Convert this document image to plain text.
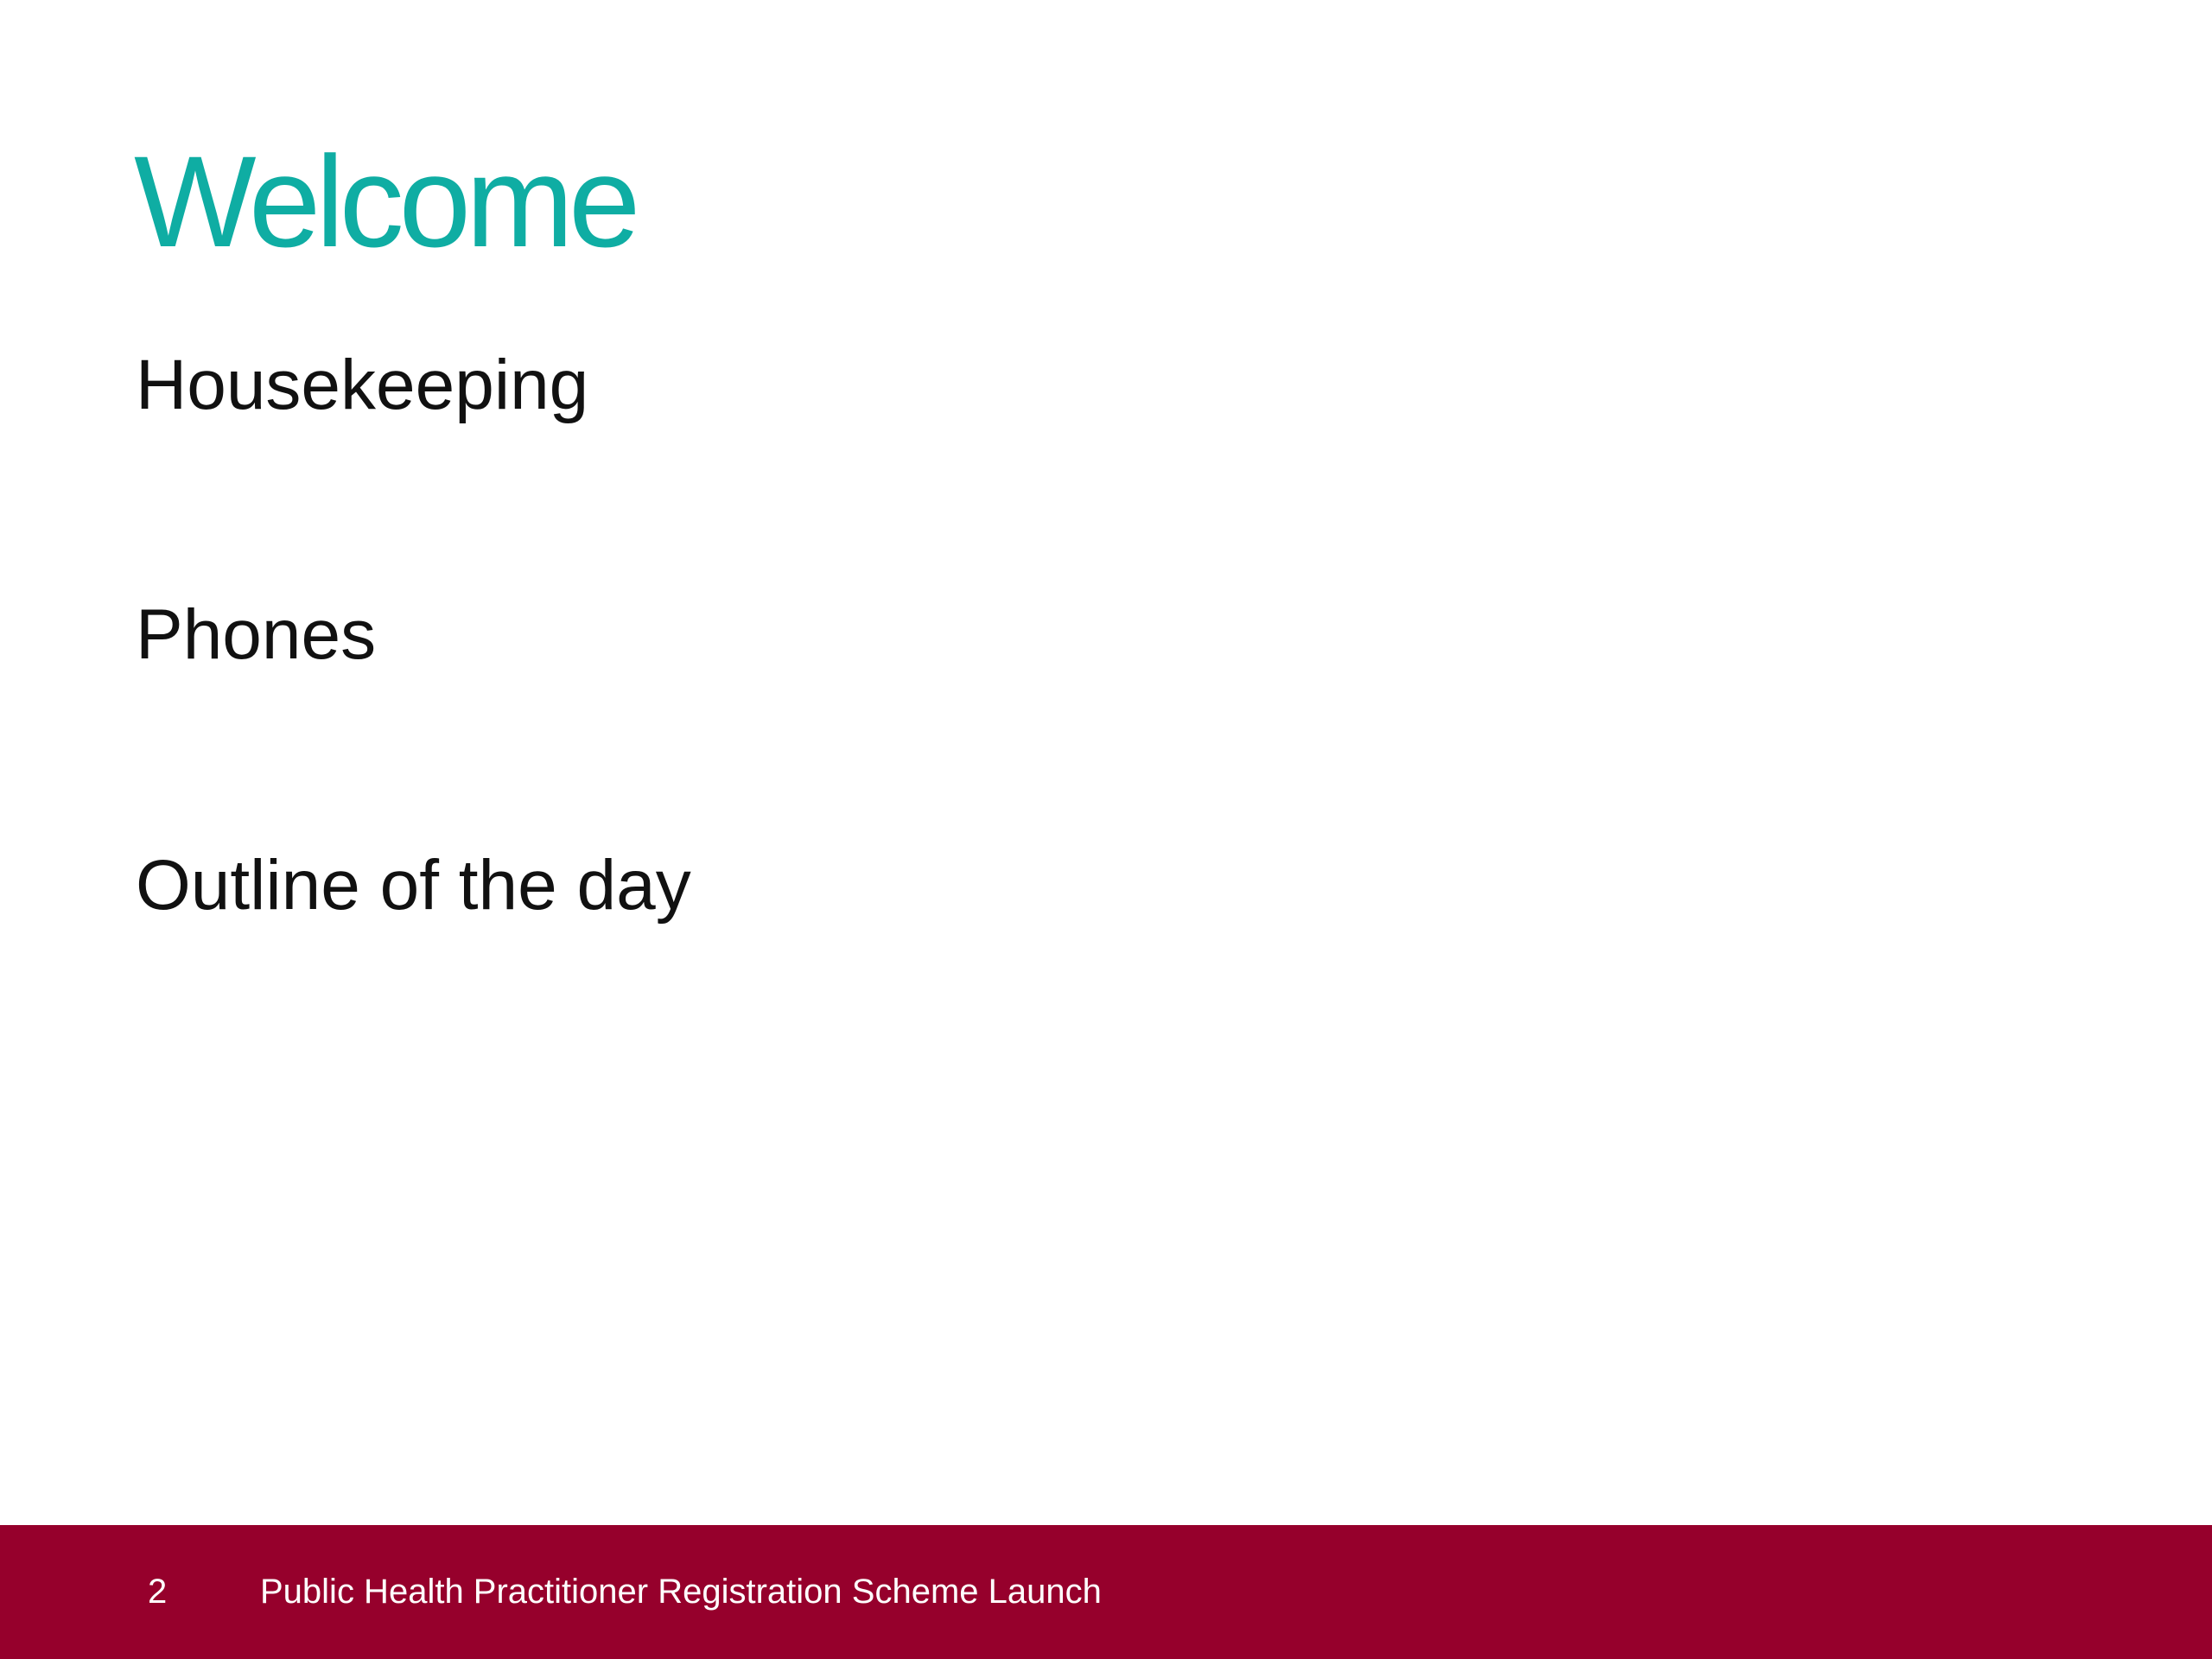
Welcome
Housekeeping
Phones
Outline of the day
2	Public Health Practitioner Registration Scheme Launch
